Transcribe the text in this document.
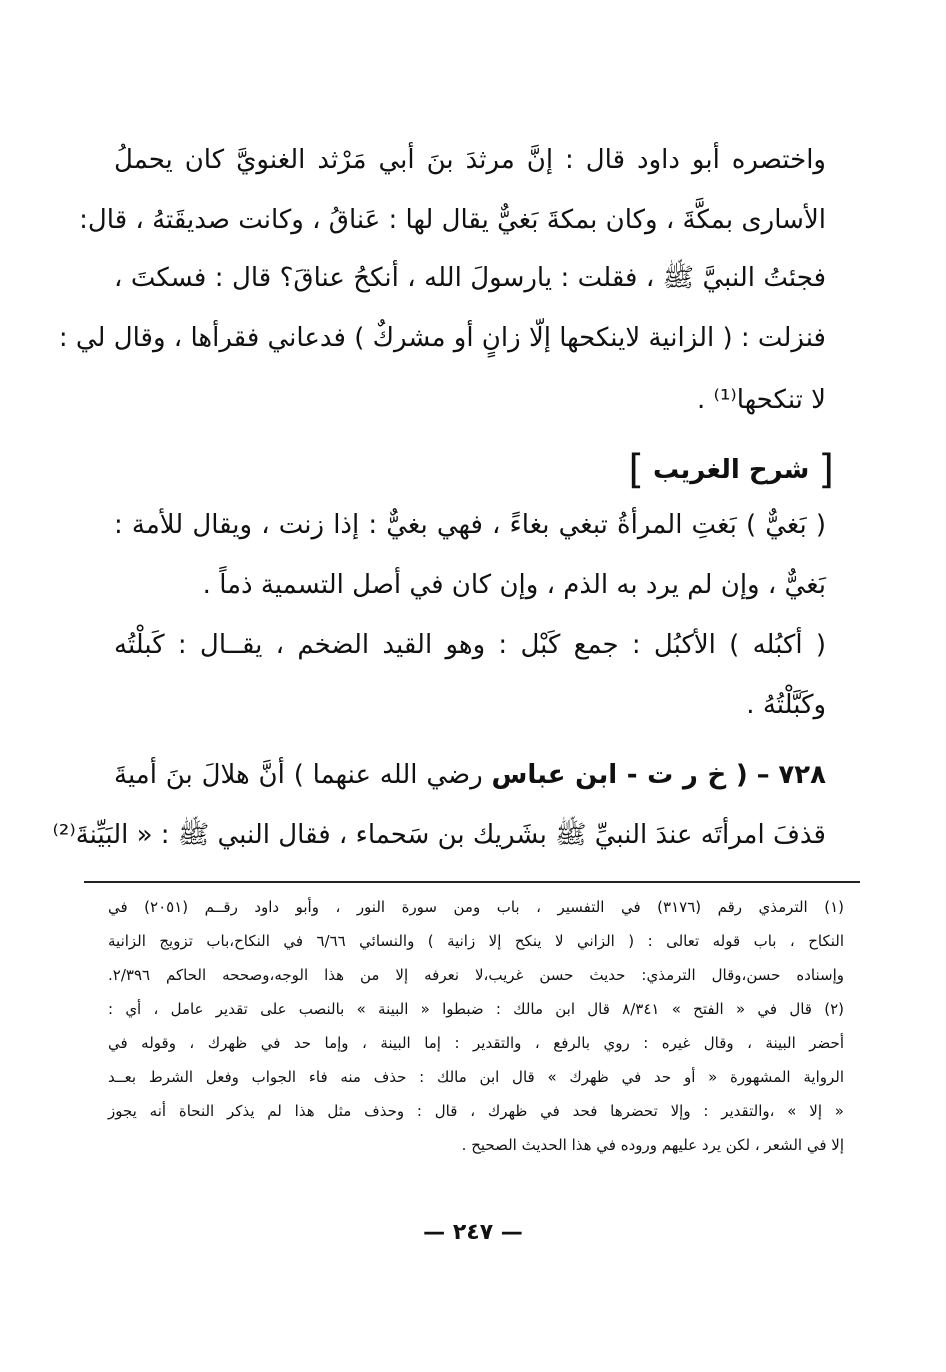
واختصره أبو داود قال : إنَّ مرثدَ بنَ أبي مَرْثد الغنويَّ كان يحملُ
الأسارى بمكَّةَ ، وكان بمكةَ بَغيٌّ يقال لها : عَناقُ ، وكانت صديقَتهُ ، قال:
فجئتُ النبيَّ ﷺ ، فقلت : يارسولَ الله ، أنكحُ عناقَ؟ قال : فسكتَ ،
فنزلت : ( الزانية لاينكحها إلّا زانٍ أو مشركٌ ) فدعاني فقرأها ، وقال لي :
لا تنكحها⁽¹⁾ .
[ شرح الغريب ]
( بَغيٌّ ) بَغتِ المرأةُ تبغي بغاءً ، فهي بغيٌّ : إذا زنت ، ويقال للأمة :
بَغيٌّ ، وإن لم يرد به الذم ، وإن كان في أصل التسمية ذماً .
( أكبُله ) الأكبُل : جمع كَبْل : وهو القيد الضخم ، يقــال : كَبلْتُه
وكَبَّلْتُهُ .
٧٢٨ – ( خ ر ت - ابن عباس رضي الله عنهما ) أنَّ هلالَ بنَ أميةَ
قذفَ امرأتَه عندَ النبيِّ ﷺ بشَريك بن سَحماء ، فقال النبي ﷺ : « البَيِّنةَ⁽²⁾
(١) الترمذي رقم (٣١٧٦) في التفسير ، باب ومن سورة النور ، وأبو داود رقــم (٢٠٥١) في
النكاح ، باب قوله تعالى : ( الزاني لا ينكح إلا زانية ) والنسائي ٦/٦٦ في النكاح،باب تزويج الزانية
وإسناده حسن،وقال الترمذي: حديث حسن غريب،لا نعرفه إلا من هذا الوجه،وصححه الحاكم ٢/٣٩٦.
(٢) قال في « الفتح » ٨/٣٤١ قال ابن مالك : ضبطوا « البينة » بالنصب على تقدير عامل ، أي :
أحضر البينة ، وقال غيره : روي بالرفع ، والتقدير : إما البينة ، وإما حد في ظهرك ، وقوله في
الرواية المشهورة « أو حد في ظهرك » قال ابن مالك : حذف منه فاء الجواب وفعل الشرط بعــد
« إلا » ،والتقدير : وإلا تحضرها فحد في ظهرك ، قال : وحذف مثل هذا لم يذكر النحاة أنه يجوز
إلا في الشعر ، لكن يرد عليهم وروده في هذا الحديث الصحيح .
— ٢٤٧ —
